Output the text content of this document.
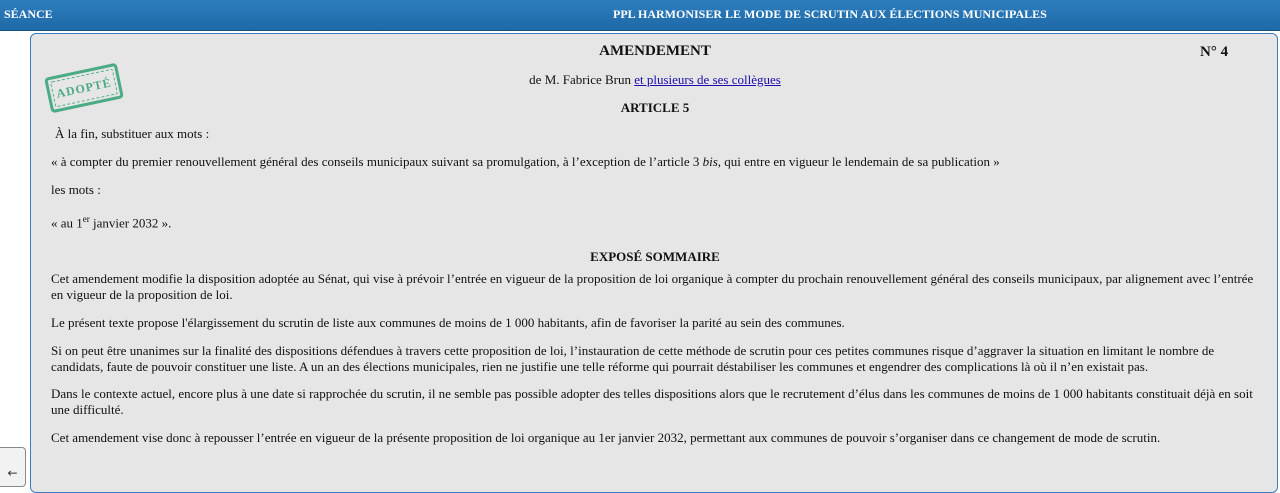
SÉANCE	PPL HARMONISER LE MODE DE SCRUTIN AUX ÉLECTIONS MUNICIPALES
ADOPTÉ
AMENDEMENT	N° 4
de M. Fabrice Brun et plusieurs de ses collègues
ARTICLE 5
À la fin, substituer aux mots :
« à compter du premier renouvellement général des conseils municipaux suivant sa promulgation, à l’exception de l’article 3 bis, qui entre en vigueur le lendemain de sa publication »
les mots :
« au 1er janvier 2032 ».
EXPOSÉ SOMMAIRE
Cet amendement modifie la disposition adoptée au Sénat, qui vise à prévoir l’entrée en vigueur de la proposition de loi organique à compter du prochain renouvellement général des conseils municipaux, par alignement avec l’entrée en vigueur de la proposition de loi.
Le présent texte propose l'élargissement du scrutin de liste aux communes de moins de 1 000 habitants, afin de favoriser la parité au sein des communes.
Si on peut être unanimes sur la finalité des dispositions défendues à travers cette proposition de loi, l’instauration de cette méthode de scrutin pour ces petites communes risque d’aggraver la situation en limitant le nombre de candidats, faute de pouvoir constituer une liste. A un an des élections municipales, rien ne justifie une telle réforme qui pourrait déstabiliser les communes et engendrer des complications là où il n’en existait pas.
Dans le contexte actuel, encore plus à une date si rapprochée du scrutin, il ne semble pas possible adopter des telles dispositions alors que le recrutement d’élus dans les communes de moins de 1 000 habitants constituait déjà en soit une difficulté.
Cet amendement vise donc à repousser l’entrée en vigueur de la présente proposition de loi organique au 1er janvier 2032, permettant aux communes de pouvoir s’organiser dans ce changement de mode de scrutin.
←
